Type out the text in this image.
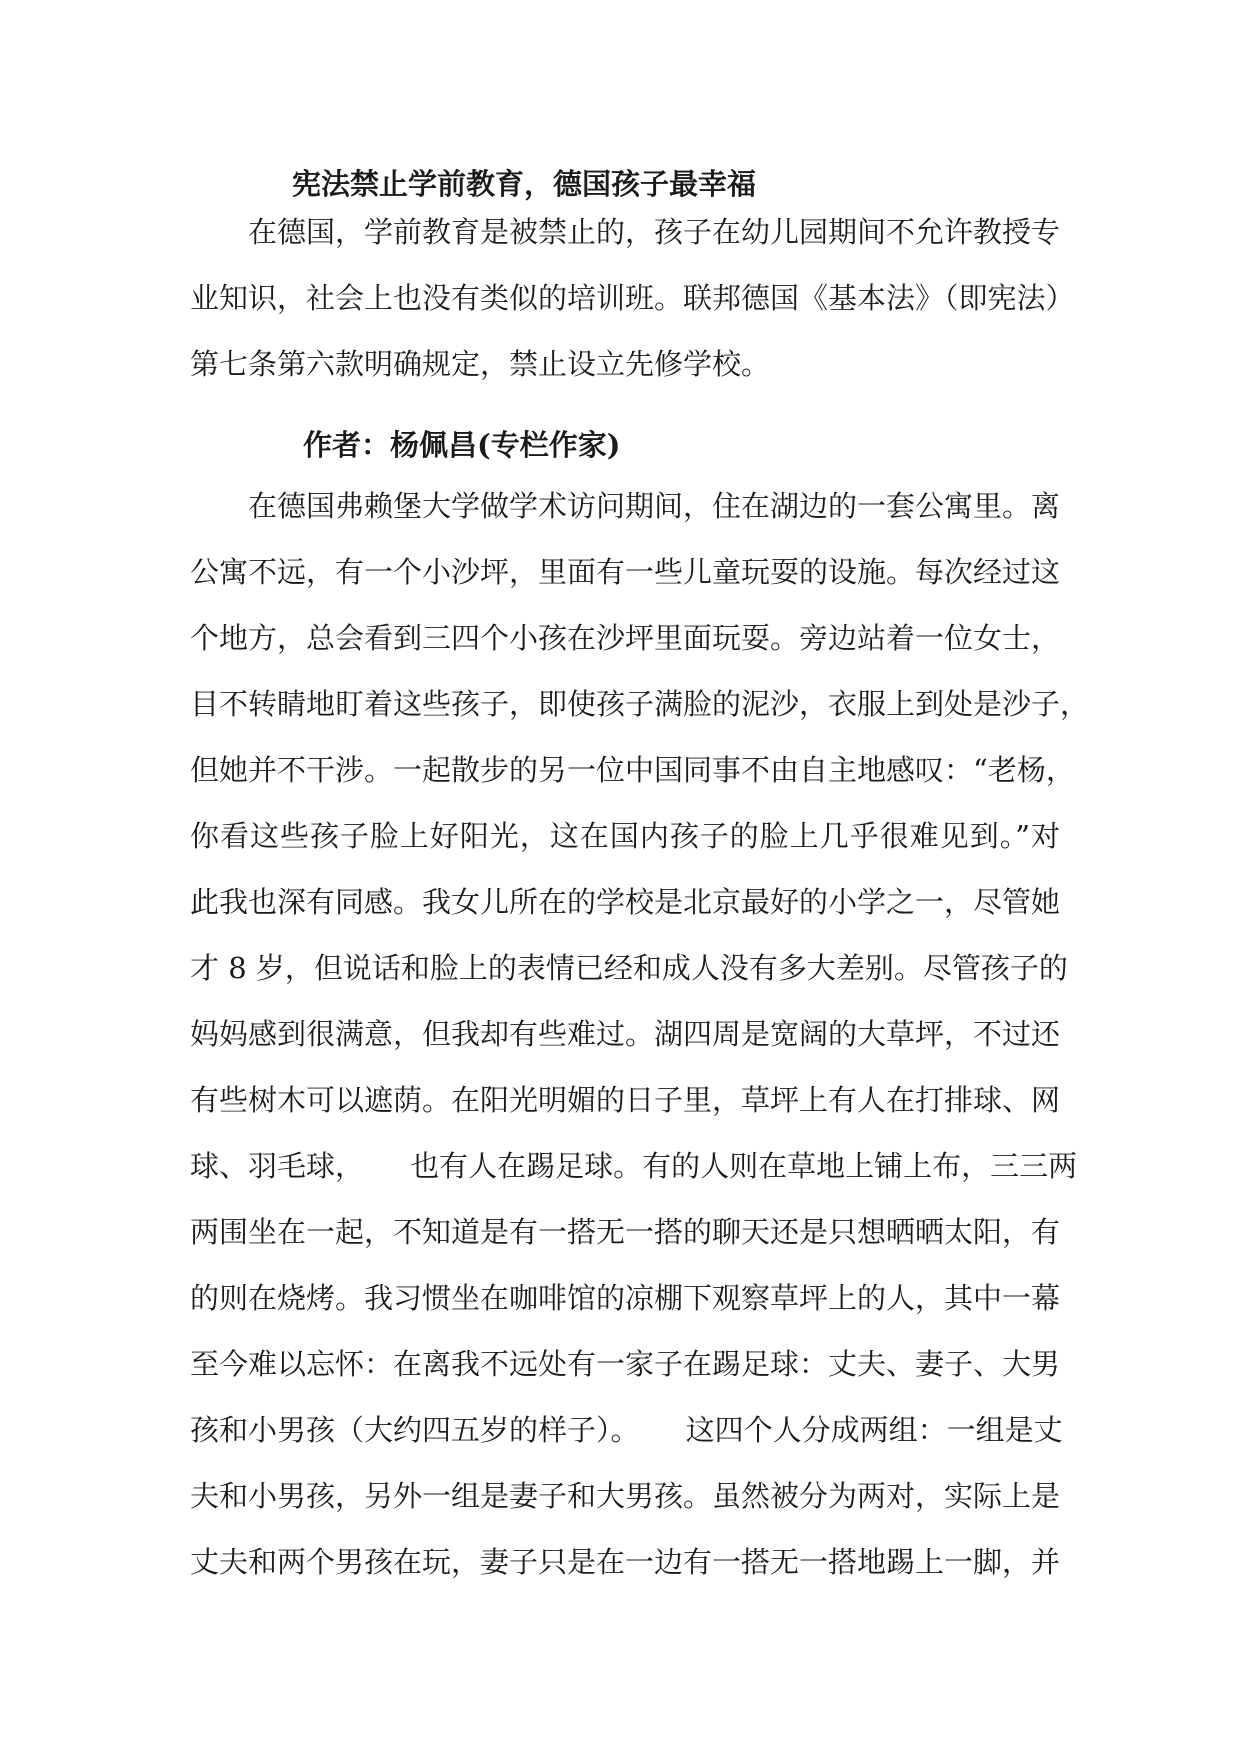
宪法禁止学前教育，德国孩子最幸福
在德国，学前教育是被禁止的，孩子在幼儿园期间不允许教授专
业知识，社会上也没有类似的培训班。联邦德国《基本法》（即宪法）
第七条第六款明确规定，禁止设立先修学校。
作者：杨佩昌(专栏作家)
在德国弗赖堡大学做学术访问期间，住在湖边的一套公寓里。离
公寓不远，有一个小沙坪，里面有一些儿童玩耍的设施。每次经过这
个地方，总会看到三四个小孩在沙坪里面玩耍。旁边站着一位女士，
目不转睛地盯着这些孩子，即使孩子满脸的泥沙，衣服上到处是沙子，
但她并不干涉。一起散步的另一位中国同事不由自主地感叹：“老杨，
你看这些孩子脸上好阳光，这在国内孩子的脸上几乎很难见到。”对
此我也深有同感。我女儿所在的学校是北京最好的小学之一，尽管她
才 8 岁，但说话和脸上的表情已经和成人没有多大差别。尽管孩子的
妈妈感到很满意，但我却有些难过。湖四周是宽阔的大草坪，不过还
有些树木可以遮荫。在阳光明媚的日子里，草坪上有人在打排球、网
球、羽毛球，     也有人在踢足球。有的人则在草地上铺上布，三三两
两围坐在一起，不知道是有一搭无一搭的聊天还是只想晒晒太阳，有
的则在烧烤。我习惯坐在咖啡馆的凉棚下观察草坪上的人，其中一幕
至今难以忘怀：在离我不远处有一家子在踢足球：丈夫、妻子、大男
孩和小男孩（大约四五岁的样子）。     这四个人分成两组：一组是丈
夫和小男孩，另外一组是妻子和大男孩。虽然被分为两对，实际上是
丈夫和两个男孩在玩，妻子只是在一边有一搭无一搭地踢上一脚，并
